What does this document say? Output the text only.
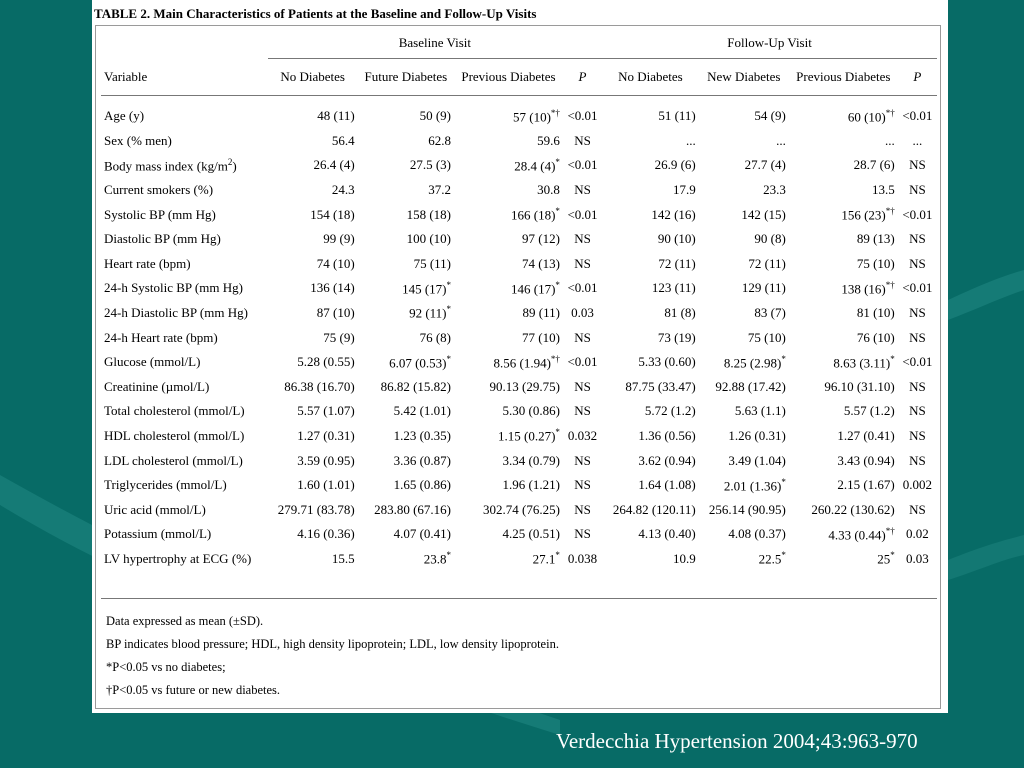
TABLE 2. Main Characteristics of Patients at the Baseline and Follow-Up Visits
	Baseline Visit				Follow-Up Visit			
Variable	No Diabetes	Future Diabetes	Previous Diabetes	P	No Diabetes	New Diabetes	Previous Diabetes	P
Age (y)	48 (11)	50 (9)	57 (10)*†	<0.01	51 (11)	54 (9)	60 (10)*†	<0.01
Sex (% men)	56.4	62.8	59.6	NS	...	...	...	...
Body mass index $(kg/m^2)$	26.4 (4)	27.5 (3)	28.4 (4)*	<0.01	26.9 (6)	27.7 (4)	28.7 (6)	NS
Current smokers (%)	24.3	37.2	30.8	NS	17.9	23.3	13.5	NS
Systolic BP (mm Hg)	154 (18)	158 (18)	166 (18)*	<0.01	142 (16)	142 (15)	156 (23)*†	<0.01
Diastolic BP (mm Hg)	99 (9)	100 (10)	97 (12)	NS	90 (10)	90 (8)	89 (13)	NS
Heart rate (bpm)	74 (10)	75 (11)	74 (13)	NS	72 (11)	72 (11)	75 (10)	NS
24-h Systolic BP (mm Hg)	136 (14)	145 (17)*	146 (17)*	<0.01	123 (11)	129 (11)	138 (16)*†	<0.01
24-h Diastolic BP (mm Hg)	87 (10)	92 (11)*	89 (11)	0.03	81 (8)	83 (7)	81 (10)	NS
24-h Heart rate (bpm)	75 (9)	76 (8)	77 (10)	NS	73 (19)	75 (10)	76 (10)	NS
Glucose (mmol/L)	5.28 (0.55)	6.07 (0.53)*	8.56 (1.94)*†	<0.01	5.33 (0.60)	8.25 (2.98)*	8.63 (3.11)*	<0.01
Creatinine (µmol/L)	86.38 (16.70)	86.82 (15.82)	90.13 (29.75)	NS	87.75 (33.47)	92.88 (17.42)	96.10 (31.10)	NS
Total cholesterol (mmol/L)	5.57 (1.07)	5.42 (1.01)	5.30 (0.86)	NS	5.72 (1.2)	5.63 (1.1)	5.57 (1.2)	NS
HDL cholesterol (mmol/L)	1.27 (0.31)	1.23 (0.35)	1.15 (0.27)*	0.032	1.36 (0.56)	1.26 (0.31)	1.27 (0.41)	NS
LDL cholesterol (mmol/L)	3.59 (0.95)	3.36 (0.87)	3.34 (0.79)	NS	3.62 (0.94)	3.49 (1.04)	3.43 (0.94)	NS
Triglycerides (mmol/L)	1.60 (1.01)	1.65 (0.86)	1.96 (1.21)	NS	1.64 (1.08)	2.01 (1.36)*	2.15 (1.67)	0.002
Uric acid (mmol/L)	279.71 (83.78)	283.80 (67.16)	302.74 (76.25)	NS	264.82 (120.11)	256.14 (90.95)	260.22 (130.62)	NS
Potassium (mmol/L)	4.16 (0.36)	4.07 (0.41)	4.25 (0.51)	NS	4.13 (0.40)	4.08 (0.37)	4.33 (0.44)*†	0.02
LV hypertrophy at ECG (%)	15.5	23.8*	27.1*	0.038	10.9	22.5*	25*	0.03

Data expressed as mean (±SD).

BP indicates blood pressure; HDL, high density lipoprotein; LDL, low density lipoprotein.

*P<0.05 vs no diabetes;

†P<0.05 vs future or new diabetes.

Verdecchia Hypertension 2004;43:963-970
